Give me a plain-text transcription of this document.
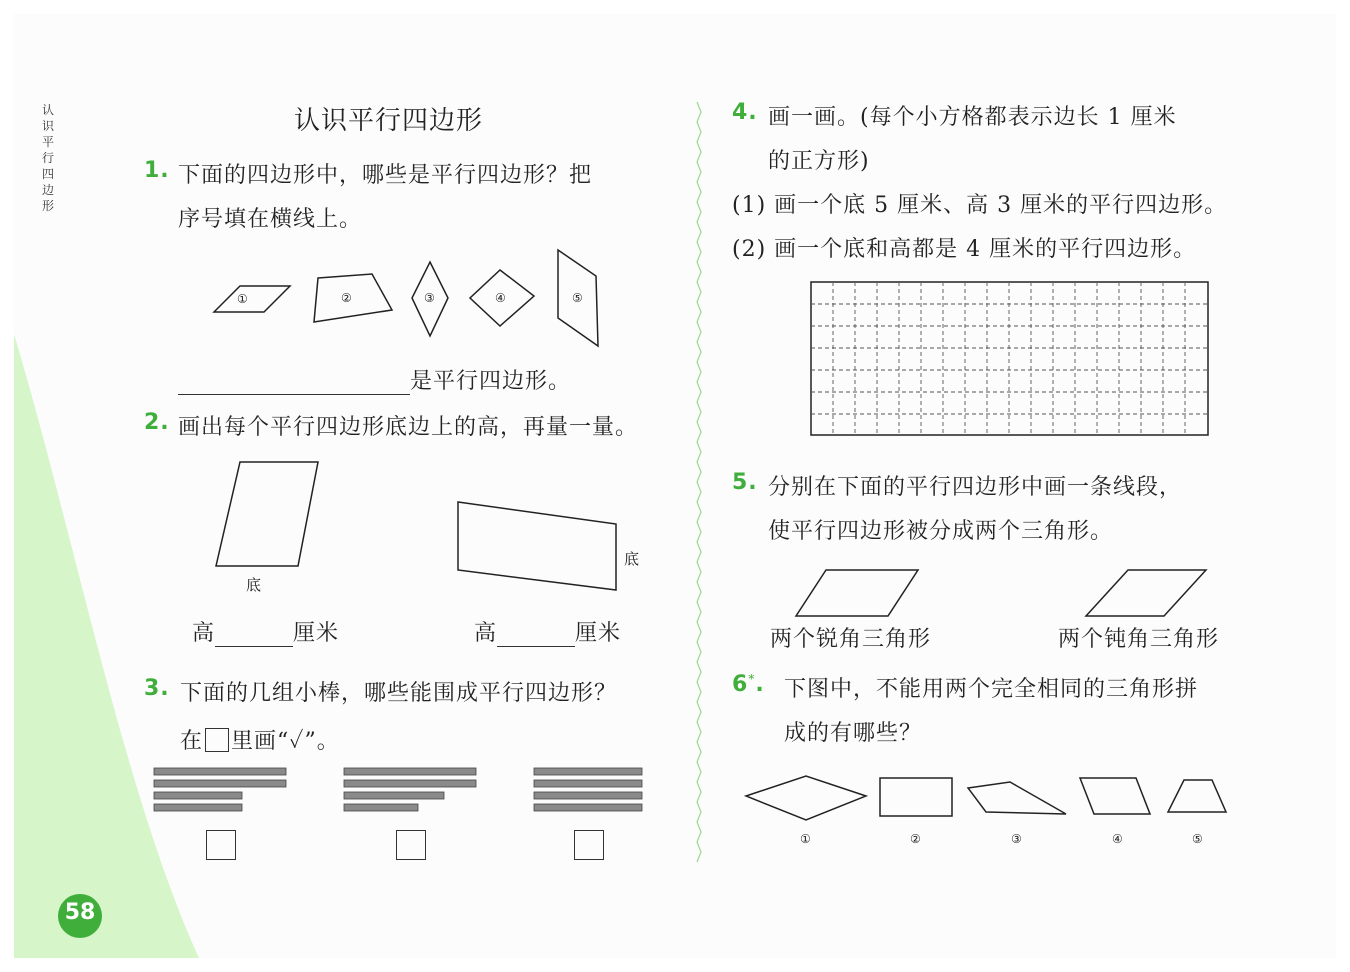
认
识
平
行
四
边
形
58
认识平行四边形
1. 下面的四边形中，哪些是平行四边形？把
序号填在横线上。
①	②	③	④	⑤
是平行四边形。
2. 画出每个平行四边形底边上的高，再量一量。
底
底
高	厘米	高	厘米
3. 下面的几组小棒，哪些能围成平行四边形？
在 里画“✓”。
4. 画一画。(每个小方格都表示边长 1 厘米
的正方形)
(1) 画一个底 5 厘米、高 3 厘米的平行四边形。
(2) 画一个底和高都是 4 厘米的平行四边形。
5. 分别在下面的平行四边形中画一条线段，
使平行四边形被分成两个三角形。
两个锐角三角形	两个钝角三角形
6*. 下图中，不能用两个完全相同的三角形拼
成的有哪些？
①	②	③	④	⑤
